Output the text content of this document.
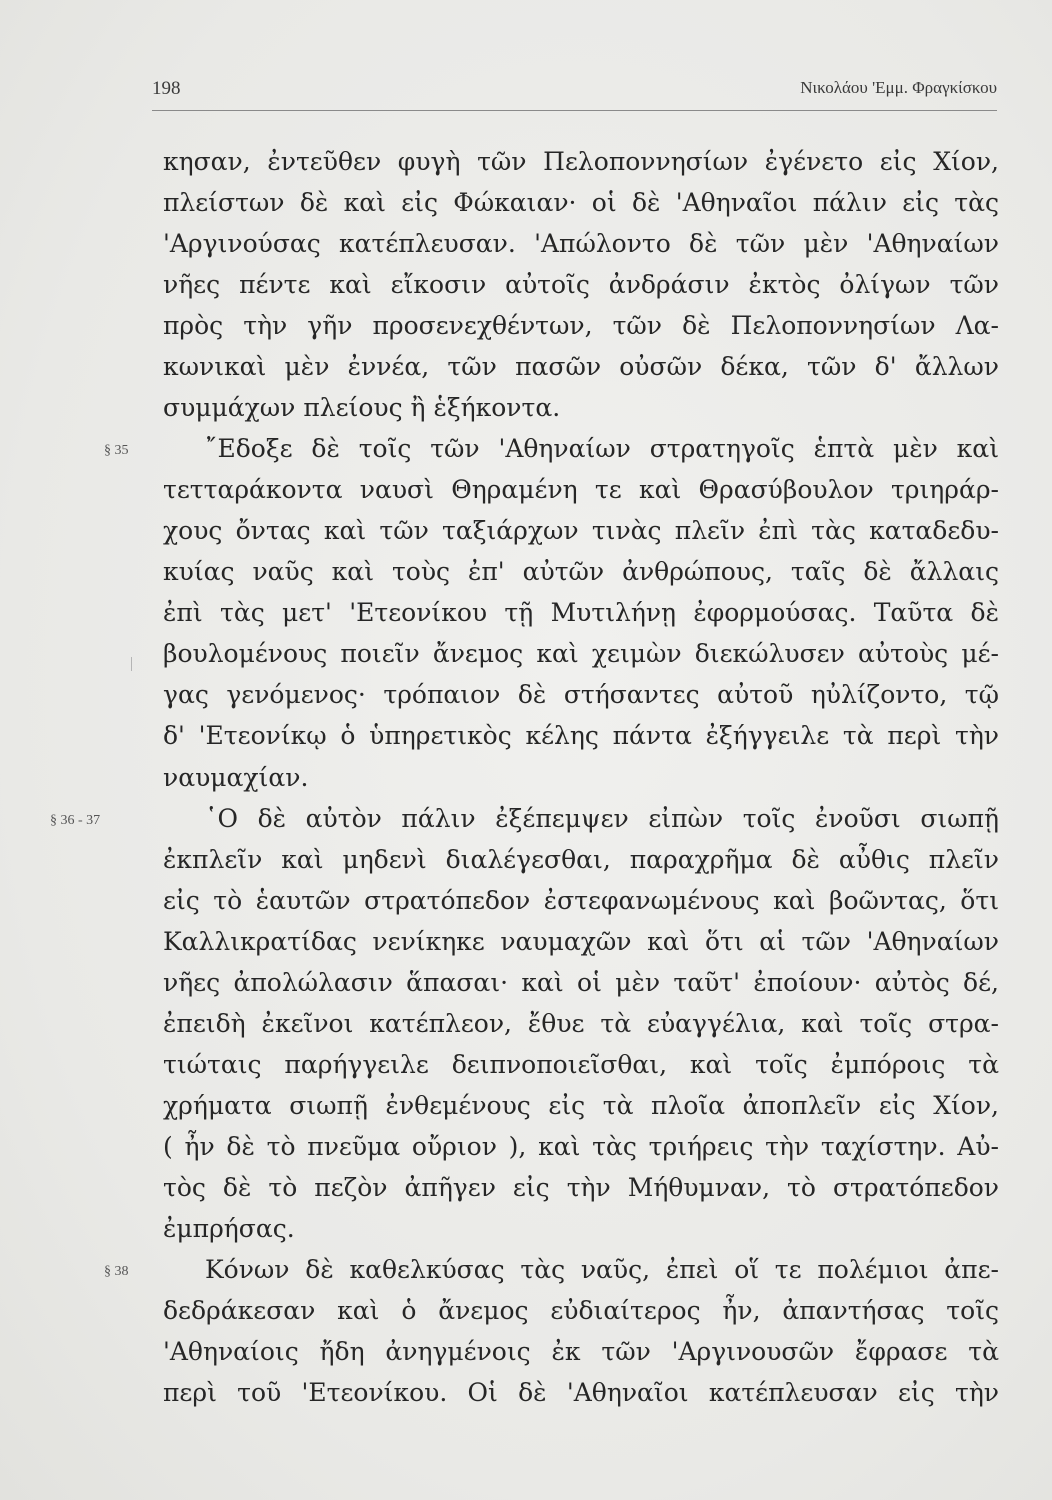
198	Νικολάου 'Εμμ. Φραγκίσκου
§ 35
§ 36 - 37
§ 38
κησαν, ἐντεῦθεν φυγὴ τῶν Πελοποννησίων ἐγένετο εἰς Χίον,
πλείστων δὲ καὶ εἰς Φώκαιαν· οἱ δὲ 'Αθηναῖοι πάλιν εἰς τὰς
'Αργινούσας κατέπλευσαν. 'Απώλοντο δὲ τῶν μὲν 'Αθηναίων
νῆες πέντε καὶ εἴκοσιν αὐτοῖς ἀνδράσιν ἐκτὸς ὀλίγων τῶν
πρὸς τὴν γῆν προσενεχθέντων, τῶν δὲ Πελοποννησίων Λα-
κωνικαὶ μὲν ἐννέα, τῶν πασῶν οὐσῶν δέκα, τῶν δ' ἄλλων
συμμάχων πλείους ἢ ἑξήκοντα.
῎Εδοξε δὲ τοῖς τῶν 'Αθηναίων στρατηγοῖς ἑπτὰ μὲν καὶ
τετταράκοντα ναυσὶ Θηραμένη τε καὶ Θρασύβουλον τριηράρ-
χους ὄντας καὶ τῶν ταξιάρχων τινὰς πλεῖν ἐπὶ τὰς καταδεδυ-
κυίας ναῦς καὶ τοὺς ἐπ' αὐτῶν ἀνθρώπους, ταῖς δὲ ἄλλαις
ἐπὶ τὰς μετ' 'Ετεονίκου τῇ Μυτιλήνῃ ἐφορμούσας. Ταῦτα δὲ
βουλομένους ποιεῖν ἄνεμος καὶ χειμὼν διεκώλυσεν αὐτοὺς μέ-
γας γενόμενος· τρόπαιον δὲ στήσαντες αὐτοῦ ηὐλίζοντο, τῷ
δ' 'Ετεονίκῳ ὁ ὑπηρετικὸς κέλης πάντα ἐξήγγειλε τὰ περὶ τὴν
ναυμαχίαν.
῾Ο δὲ αὐτὸν πάλιν ἐξέπεμψεν εἰπὼν τοῖς ἐνοῦσι σιωπῇ
ἐκπλεῖν καὶ μηδενὶ διαλέγεσθαι, παραχρῆμα δὲ αὖθις πλεῖν
εἰς τὸ ἑαυτῶν στρατόπεδον ἐστεφανωμένους καὶ βοῶντας, ὅτι
Καλλικρατίδας νενίκηκε ναυμαχῶν καὶ ὅτι αἱ τῶν 'Αθηναίων
νῆες ἀπολώλασιν ἅπασαι· καὶ οἱ μὲν ταῦτ' ἐποίουν· αὐτὸς δέ,
ἐπειδὴ ἐκεῖνοι κατέπλεον, ἔθυε τὰ εὐαγγέλια, καὶ τοῖς στρα-
τιώταις παρήγγειλε δειπνοποιεῖσθαι, καὶ τοῖς ἐμπόροις τὰ
χρήματα σιωπῇ ἐνθεμένους εἰς τὰ πλοῖα ἀποπλεῖν εἰς Χίον,
( ἦν δὲ τὸ πνεῦμα οὔριον ), καὶ τὰς τριήρεις τὴν ταχίστην. Αὐ-
τὸς δὲ τὸ πεζὸν ἀπῆγεν εἰς τὴν Μήθυμναν, τὸ στρατόπεδον
ἐμπρήσας.
Κόνων δὲ καθελκύσας τὰς ναῦς, ἐπεὶ οἵ τε πολέμιοι ἀπε-
δεδράκεσαν καὶ ὁ ἄνεμος εὐδιαίτερος ἦν, ἀπαντήσας τοῖς
'Αθηναίοις ἤδη ἀνηγμένοις ἐκ τῶν 'Αργινουσῶν ἔφρασε τὰ
περὶ τοῦ 'Ετεονίκου. Οἱ δὲ 'Αθηναῖοι κατέπλευσαν εἰς τὴν
